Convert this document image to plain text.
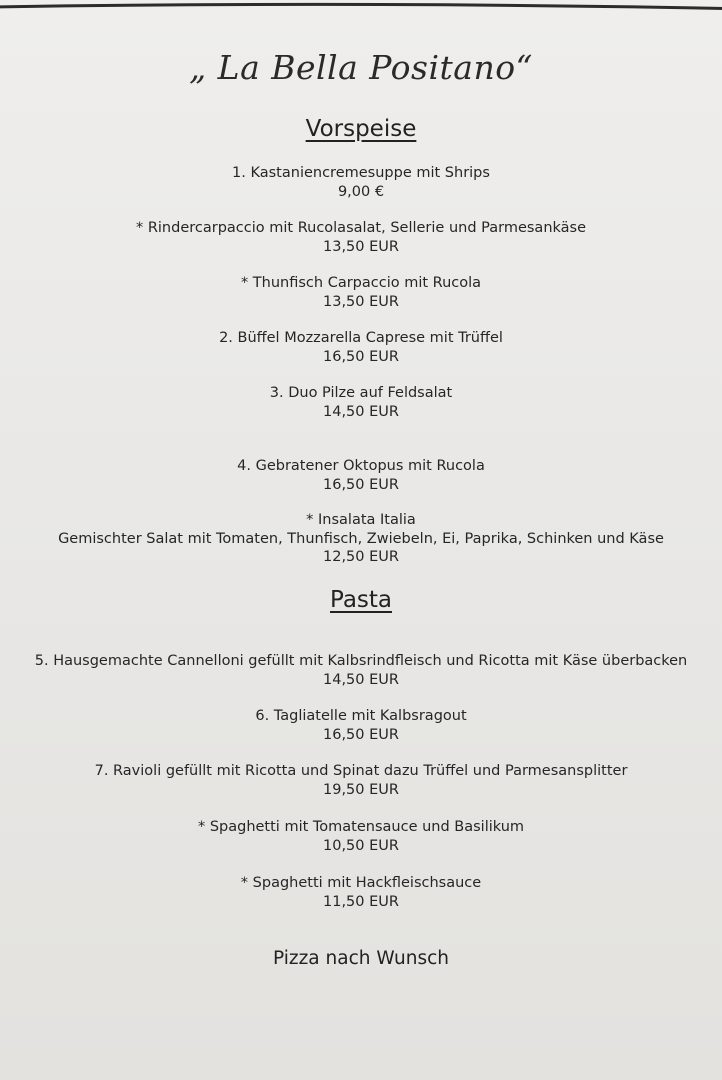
„ La Bella Positano“
Vorspeise
1. Kastaniencremesuppe mit Shrips
9,00 €
* Rindercarpaccio mit Rucolasalat, Sellerie und Parmesankäse
13,50 EUR
* Thunfisch Carpaccio mit Rucola
13,50 EUR
2. Büffel Mozzarella Caprese mit Trüffel
16,50 EUR
3. Duo Pilze auf Feldsalat
14,50 EUR
4. Gebratener Oktopus mit Rucola
16,50 EUR
* Insalata Italia
Gemischter Salat mit Tomaten, Thunfisch, Zwiebeln, Ei, Paprika, Schinken und Käse
12,50 EUR
Pasta
5. Hausgemachte Cannelloni gefüllt mit Kalbsrindfleisch und Ricotta mit Käse überbacken
14,50 EUR
6. Tagliatelle mit Kalbsragout
16,50 EUR
7. Ravioli gefüllt mit Ricotta und Spinat dazu Trüffel und Parmesansplitter
19,50 EUR
* Spaghetti mit Tomatensauce und Basilikum
10,50 EUR
* Spaghetti mit Hackfleischsauce
11,50 EUR
Pizza nach Wunsch
